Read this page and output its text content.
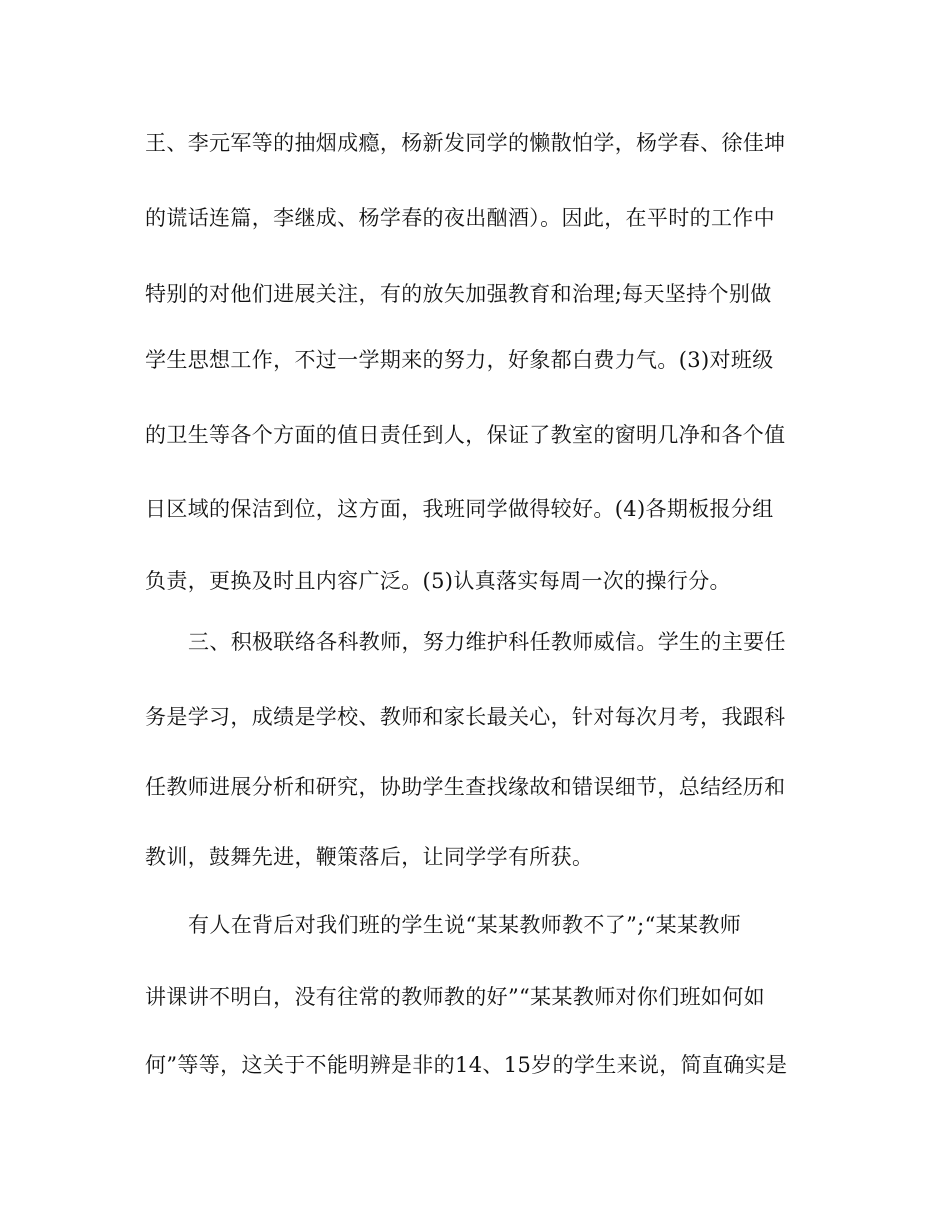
王、李元军等的抽烟成瘾，杨新发同学的懒散怕学，杨学春、徐佳坤
的谎话连篇，李继成、杨学春的夜出酗酒）。因此，在平时的工作中
特别的对他们进展关注，有的放矢加强教育和治理;每天坚持个别做
学生思想工作，不过一学期来的努力，好象都白费力气。(3)对班级
的卫生等各个方面的值日责任到人，保证了教室的窗明几净和各个值
日区域的保洁到位，这方面，我班同学做得较好。(4)各期板报分组
负责，更换及时且内容广泛。(5)认真落实每周一次的操行分。
三、积极联络各科教师，努力维护科任教师威信。学生的主要任
务是学习，成绩是学校、教师和家长最关心，针对每次月考，我跟科
任教师进展分析和研究，协助学生查找缘故和错误细节，总结经历和
教训，鼓舞先进，鞭策落后，让同学学有所获。
有人在背后对我们班的学生说“某某教师教不了”;“某某教师
讲课讲不明白，没有往常的教师教的好”“某某教师对你们班如何如
何”等等，这关于不能明辨是非的14、15岁的学生来说，简直确实是
